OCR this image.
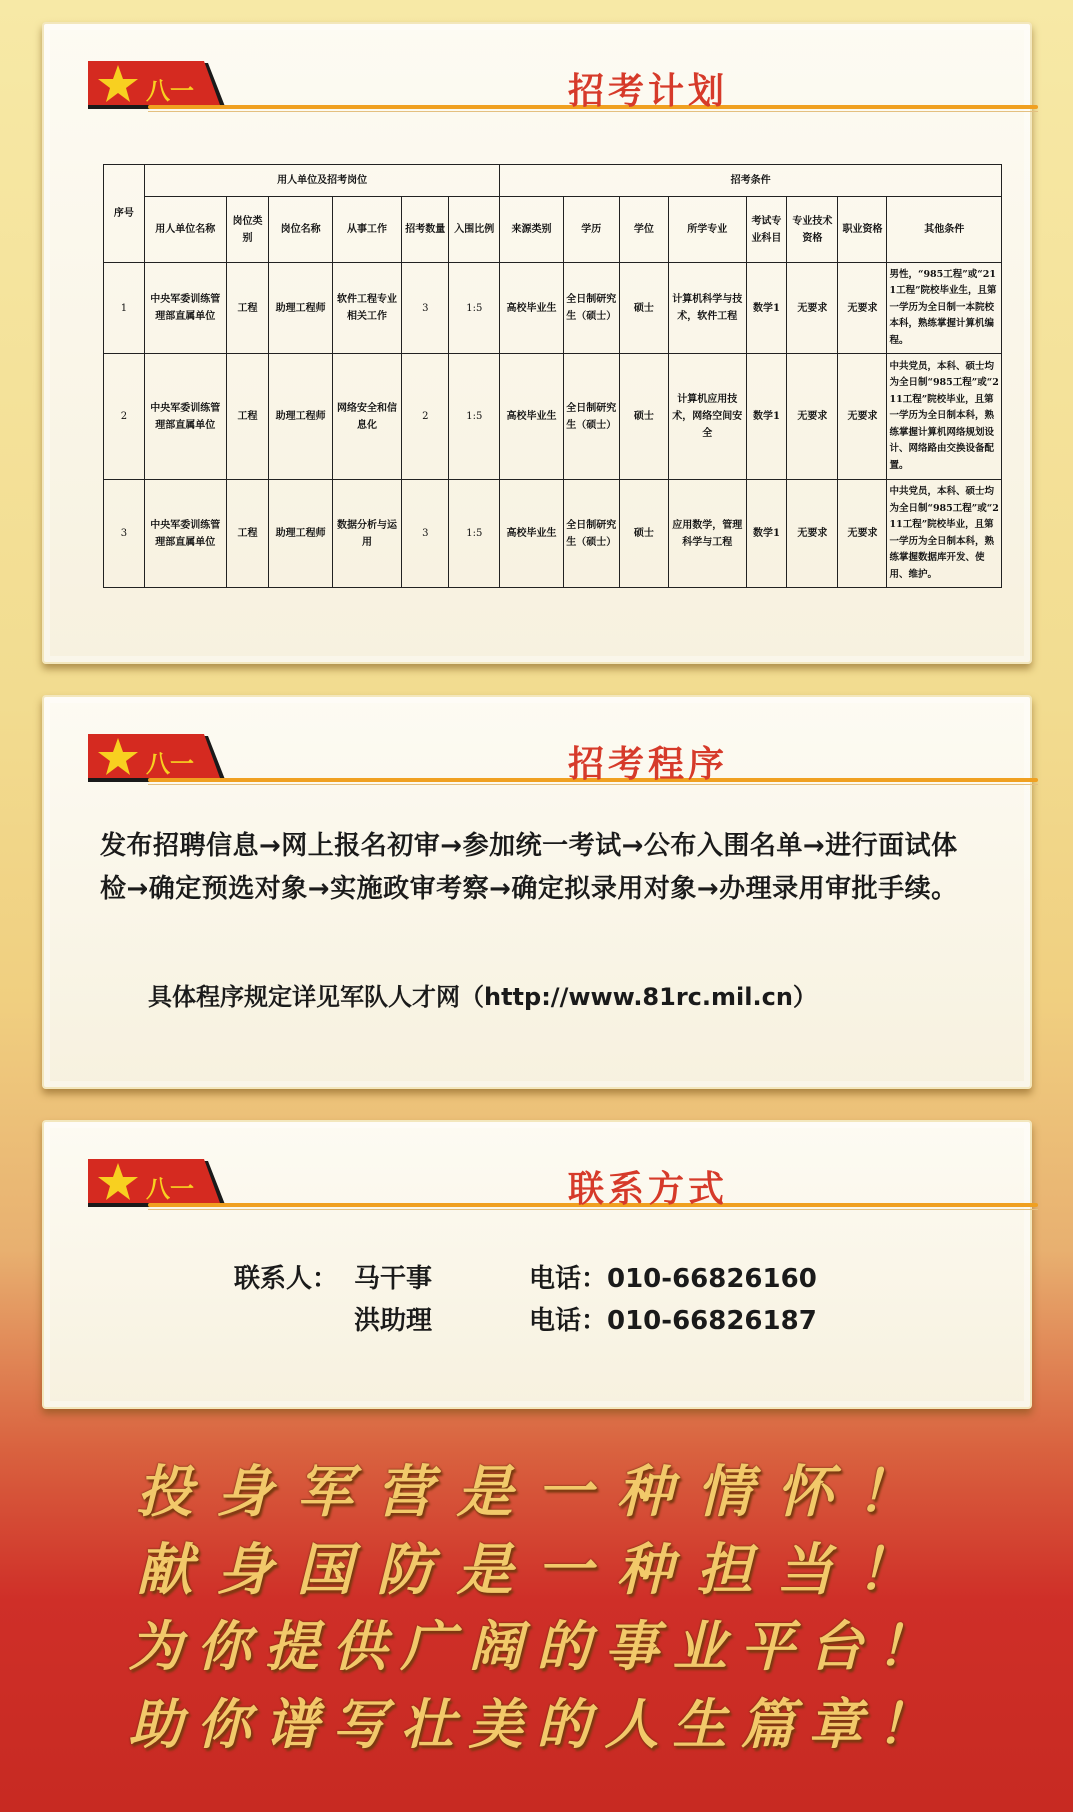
八一	招考计划
序号	用人单位及招考岗位						招考条件							
	用人单位名称	岗位类别	岗位名称	从事工作	招考数量	入围比例	来源类别	学历	学位	所学专业	考试专业科目	专业技术资格	职业资格	其他条件
1	中央军委训练管理部直属单位	工程	助理工程师	软件工程专业相关工作	3	1:5	高校毕业生	全日制研究生（硕士）	硕士	计算机科学与技术，软件工程	数学1	无要求	无要求	男性，“985工程”或“211工程”院校毕业生，且第一学历为全日制一本院校本科，熟练掌握计算机编程。
2	中央军委训练管理部直属单位	工程	助理工程师	网络安全和信息化	2	1:5	高校毕业生	全日制研究生（硕士）	硕士	计算机应用技术，网络空间安全	数学1	无要求	无要求	中共党员，本科、硕士均为全日制“985工程”或“211工程”院校毕业，且第一学历为全日制本科，熟练掌握计算机网络规划设计、网络路由交换设备配置。
3	中央军委训练管理部直属单位	工程	助理工程师	数据分析与运用	3	1:5	高校毕业生	全日制研究生（硕士）	硕士	应用数学，管理科学与工程	数学1	无要求	无要求	中共党员，本科、硕士均为全日制“985工程”或“211工程”院校毕业，且第一学历为全日制本科，熟练掌握数据库开发、使用、维护。
八一	招考程序
发布招聘信息→网上报名初审→参加统一考试→公布入围名单→进行面试体检→确定预选对象→实施政审考察→确定拟录用对象→办理录用审批手续。
具体程序规定详见军队人才网（http://www.81rc.mil.cn）
八一	联系方式
联系人： 马干事	电话：010-66826160
洪助理	电话：010-66826187
投身军营是一种情怀！
献身国防是一种担当！
为你提供广阔的事业平台！
助你谱写壮美的人生篇章！
